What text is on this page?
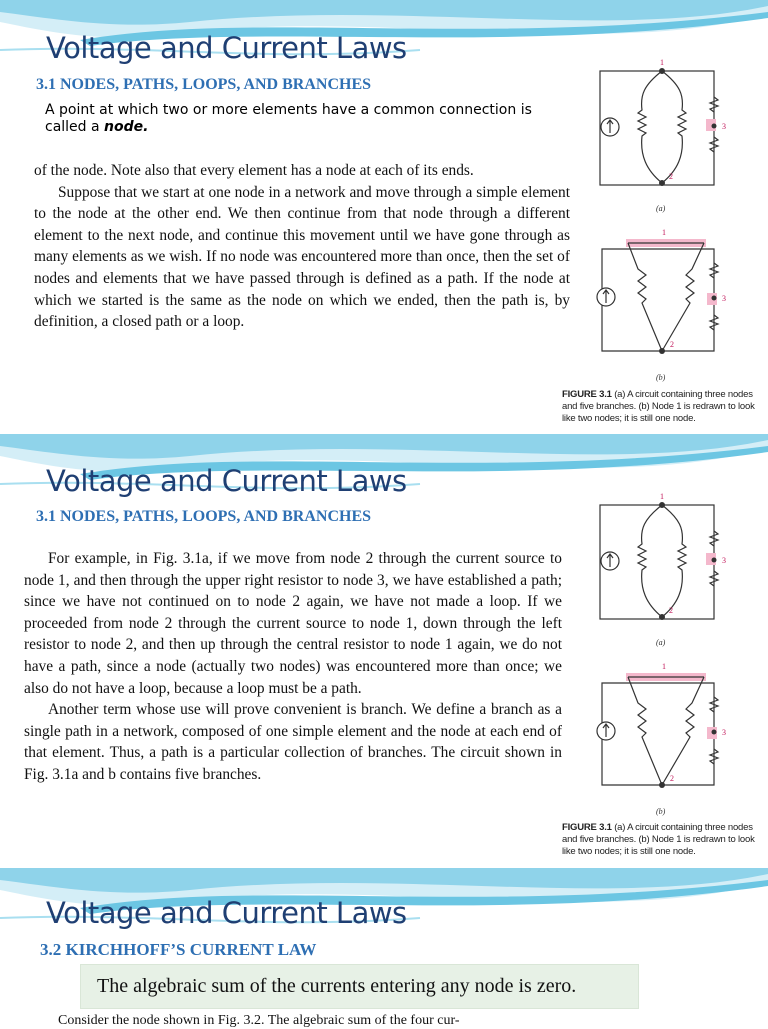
Voltage and Current Laws
3.1 NODES, PATHS, LOOPS, AND BRANCHES
A point at which two or more elements have a common connection is
called a node.

of the node. Note also that every element has a node at each of its ends.

Suppose that we start at one node in a network and move through a simple element to the node at the other end. We then continue from that node through a different element to the next node, and continue this movement until we have gone through as many elements as we wish. If no node was encountered more than once, then the set of nodes and elements that we have passed through is defined as a path. If the node at which we started is the same as the node on which we ended, then the path is, by definition, a closed path or a loop.

1
2
3
(a)
1
2
3
(b)
FIGURE 3.1 (a) A circuit containing three nodes and five branches. (b) Node 1 is redrawn to look like two nodes; it is still one node.
Voltage and Current Laws
3.1 NODES, PATHS, LOOPS, AND BRANCHES

For example, in Fig. 3.1a, if we move from node 2 through the current source to node 1, and then through the upper right resistor to node 3, we have established a path; since we have not continued on to node 2 again, we have not made a loop. If we proceeded from node 2 through the current source to node 1, down through the left resistor to node 2, and then up through the central resistor to node 1 again, we do not have a path, since a node (actually two nodes) was encountered more than once; we also do not have a loop, because a loop must be a path.

Another term whose use will prove convenient is branch. We define a branch as a single path in a network, composed of one simple element and the node at each end of that element. Thus, a path is a particular collection of branches. The circuit shown in Fig. 3.1a and b contains five branches.

1
2
3
(a)
1
2
3
(b)
FIGURE 3.1 (a) A circuit containing three nodes and five branches. (b) Node 1 is redrawn to look like two nodes; it is still one node.
Voltage and Current Laws
3.2 KIRCHHOFF’S CURRENT LAW
The algebraic sum of the currents entering any node is zero.
Consider the node shown in Fig. 3.2. The algebraic sum of the four cur-
